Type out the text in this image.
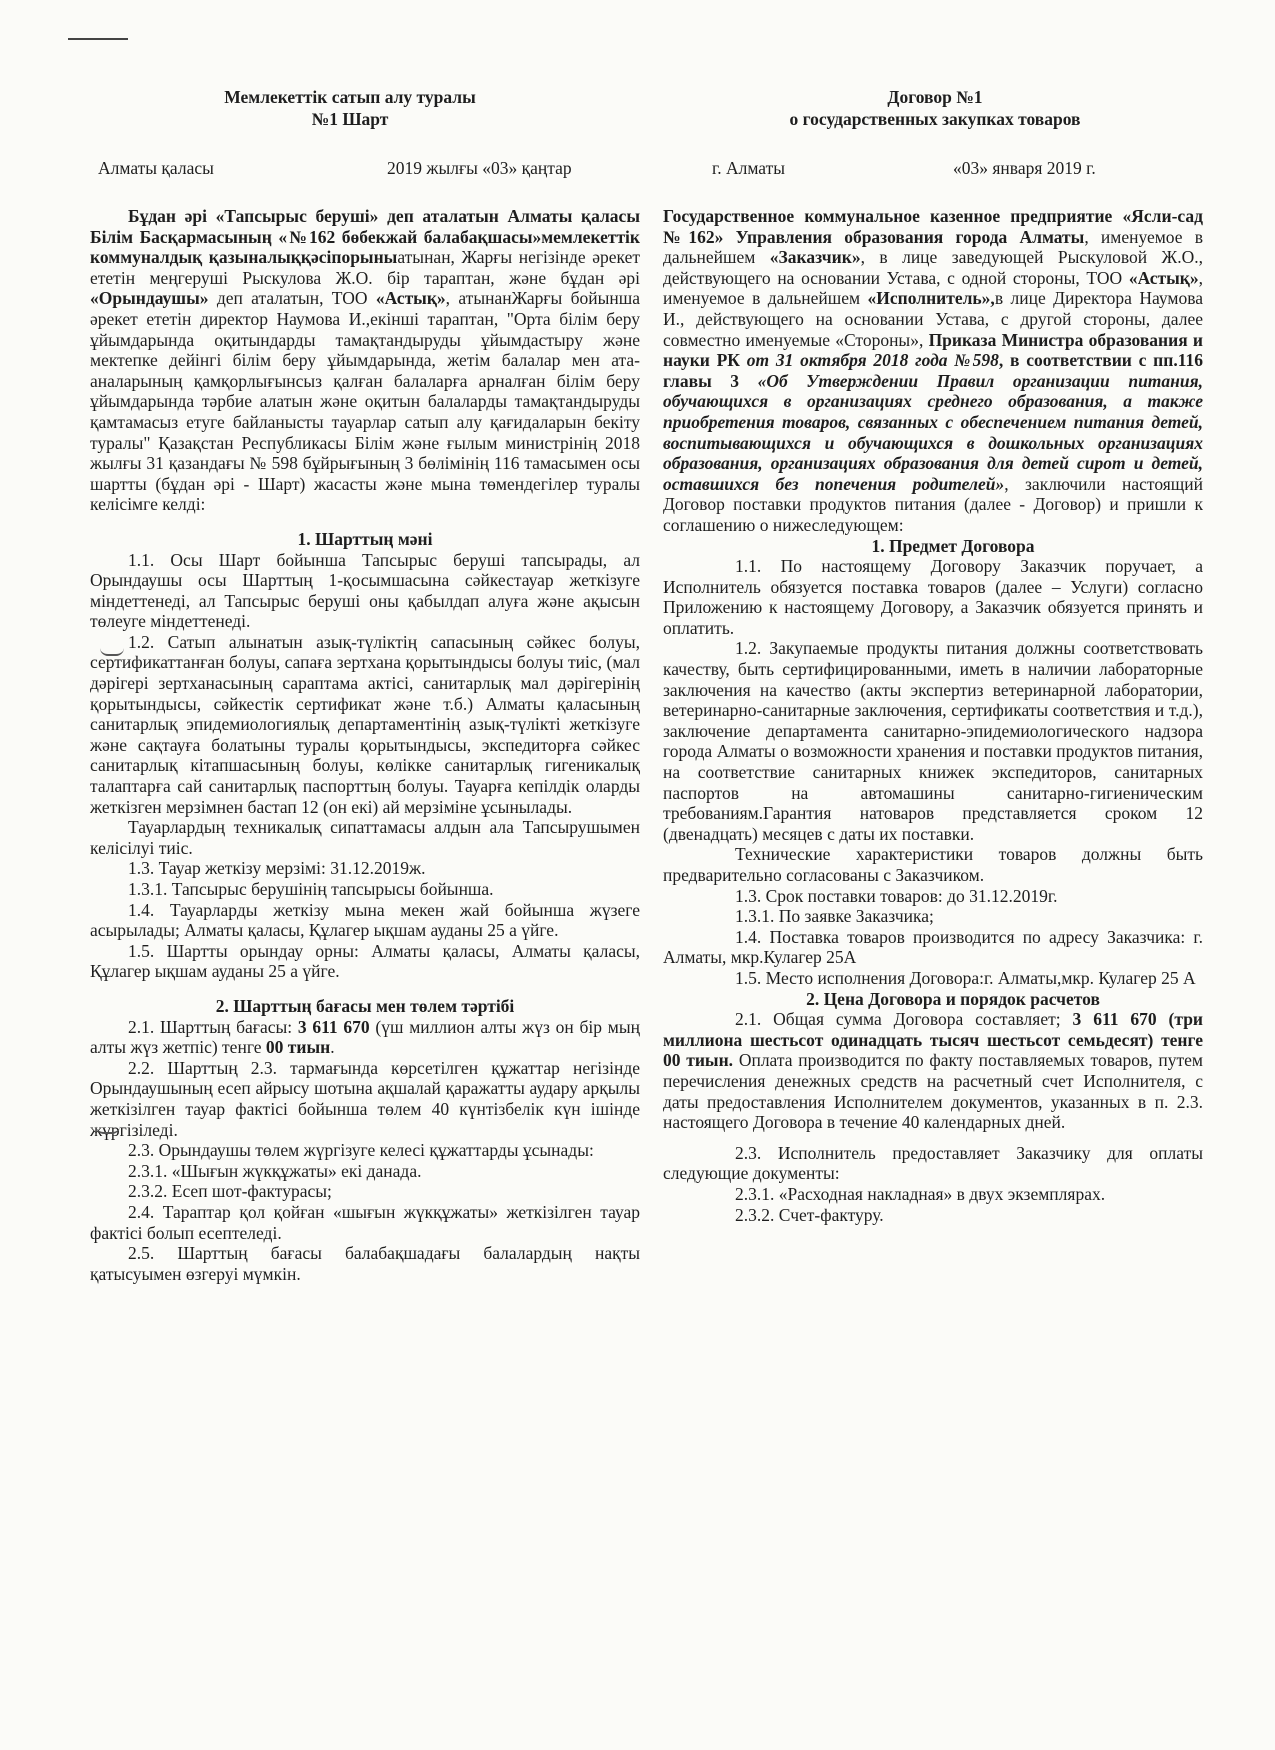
Мемлекеттік сатып алу туралы
№1 Шарт
Договор №1
о государственных закупках товаров
Алматы қаласы	2019 жылғы «03» қаңтар	г. Алматы	«03» января 2019 г.

Бұдан әрі «Тапсырыс беруші» деп аталатын Алматы қаласы Білім Басқармасының «№162 бөбекжай балабақшасы»мемлекеттік коммуналдық қазыналыққәсіпорыныатынан, Жарғы негізінде әрекет ететін меңгеруші Рыскулова Ж.О. бір тараптан, және бұдан әрі «Орындаушы» деп аталатын, ТОО «Астық», атынанЖарғы бойынша әрекет ететін директор Наумова И.,екінші тараптан, "Орта білім беру ұйымдарында оқитындарды тамақтандыруды ұйымдастыру және мектепке дейінгі білім беру ұйымдарында, жетім балалар мен ата-аналарының қамқорлығынсыз қалған балаларға арналған білім беру ұйымдарында тәрбие алатын және оқитын балаларды тамақтандыруды қамтамасыз етуге байланысты тауарлар сатып алу қағидаларын бекіту туралы" Қазақстан Республикасы Білім және ғылым министрінің 2018 жылғы 31 қазандағы № 598 бұйрығының 3 бөлімінің 116 тамасымен осы шартты (бұдан әрі - Шарт) жасасты және мына төмендегілер туралы келісімге келді:

1. Шарттың мәні

1.1. Осы Шарт бойынша Тапсырыс беруші тапсырады, ал Орындаушы осы Шарттың 1-қосымшасына сәйкестауар жеткізуге міндеттенеді, ал Тапсырыс беруші оны қабылдап алуға және ақысын төлеуге міндеттенеді.

1.2. Сатып алынатын азық-түліктің сапасының сәйкес болуы, сертификаттанған болуы, сапаға зертхана қорытындысы болуы тиіс, (мал дәрігері зертханасының сараптама актісі, санитарлық мал дәрігерінің қорытындысы, сәйкестік сертификат және т.б.) Алматы қаласының санитарлық эпидемиологиялық департаментінің азық-түлікті жеткізуге және сақтауға болатыны туралы қорытындысы, экспедиторға сәйкес санитарлық кітапшасының болуы, көлікке санитарлық гигеникалық талаптарға сай санитарлық паспорттың болуы. Тауарға кепілдік оларды жеткізген мерзімнен бастап 12 (он екі) ай мерзіміне ұсынылады.

Тауарлардың техникалық сипаттамасы алдын ала Тапсырушымен келісілуі тиіс.

1.3. Тауар жеткізу мерзімі: 31.12.2019ж.

1.3.1. Тапсырыс берушінің тапсырысы бойынша.

1.4. Тауарларды жеткізу мына мекен жай бойынша жүзеге асырылады; Алматы қаласы, Құлагер ықшам ауданы 25 а үйге.

1.5. Шартты орындау орны: Алматы қаласы, Алматы қаласы, Құлагер ықшам ауданы 25 а үйге.

2. Шарттың бағасы мен төлем тәртібі

2.1. Шарттың бағасы: 3 611 670 (үш миллион алты жүз он бір мың алты жүз жетпіс) тенге 00 тиын.

2.2. Шарттың 2.3. тармағында көрсетілген құжаттар негізінде Орындаушының есеп айрысу шотына ақшалай қаражатты аудару арқылы жеткізілген тауар фактісі бойынша төлем 40 күнтізбелік күн ішінде жүргізіледі.

2.3. Орындаушы төлем жүргізуге келесі құжаттарды ұсынады:

2.3.1. «Шығын жүкқұжаты» екі данада.

2.3.2. Есеп шот-фактурасы;

2.4. Тараптар қол қойған «шығын жүкқұжаты» жеткізілген тауар фактісі болып есептеледі.

2.5. Шарттың бағасы балабақшадағы балалардың нақты қатысуымен өзгеруі мүмкін.

Государственное коммунальное казенное предприятие «Ясли-сад №162» Управления образования города Алматы, именуемое в дальнейшем «Заказчик», в лице заведующей Рыскуловой Ж.О., действующего на основании Устава, с одной стороны, ТОО «Астық», именуемое в дальнейшем «Исполнитель»,в лице Директора Наумова И., действующего на основании Устава, с другой стороны, далее совместно именуемые «Стороны», Приказа Министра образования и науки РК от 31 октября 2018 года №598, в соответствии с пп.116 главы 3 «Об Утверждении Правил организации питания, обучающихся в организациях среднего образования, а также приобретения товаров, связанных с обеспечением питания детей, воспитывающихся и обучающихся в дошкольных организациях образования, организациях образования для детей сирот и детей, оставшихся без попечения родителей», заключили настоящий Договор поставки продуктов питания (далее - Договор) и пришли к соглашению о нижеследующем:

1. Предмет Договора

1.1. По настоящему Договору Заказчик поручает, а Исполнитель обязуется поставка товаров (далее – Услуги) согласно Приложению к настоящему Договору, а Заказчик обязуется принять и оплатить.

1.2. Закупаемые продукты питания должны соответствовать качеству, быть сертифицированными, иметь в наличии лабораторные заключения на качество (акты экспертиз ветеринарной лаборатории, ветеринарно-санитарные заключения, сертификаты соответствия и т.д.), заключение департамента санитарно-эпидемиологического надзора города Алматы о возможности хранения и поставки продуктов питания, на соответствие санитарных книжек экспедиторов, санитарных паспортов на автомашины санитарно-гигиеническим требованиям.Гарантия натоваров представляется сроком 12 (двенадцать) месяцев с даты их поставки.

Технические характеристики товаров должны быть предварительно согласованы с Заказчиком.

1.3. Срок поставки товаров: до 31.12.2019г.

1.3.1. По заявке Заказчика;

1.4. Поставка товаров производится по адресу Заказчика: г. Алматы, мкр.Кулагер 25А

1.5. Место исполнения Договора:г. Алматы,мкр. Кулагер 25 А

2. Цена Договора и порядок расчетов

2.1. Общая сумма Договора составляет; 3 611 670 (три миллиона шестьсот одинадцать тысяч шестьсот семьдесят) тенге 00 тиын. Оплата производится по факту поставляемых товаров, путем перечисления денежных средств на расчетный счет Исполнителя, с даты предоставления Исполнителем документов, указанных в п. 2.3. настоящего Договора в течение 40 календарных дней.

2.3. Исполнитель предоставляет Заказчику для оплаты следующие документы:

2.3.1. «Расходная накладная» в двух экземплярах.

2.3.2. Счет-фактуру.
